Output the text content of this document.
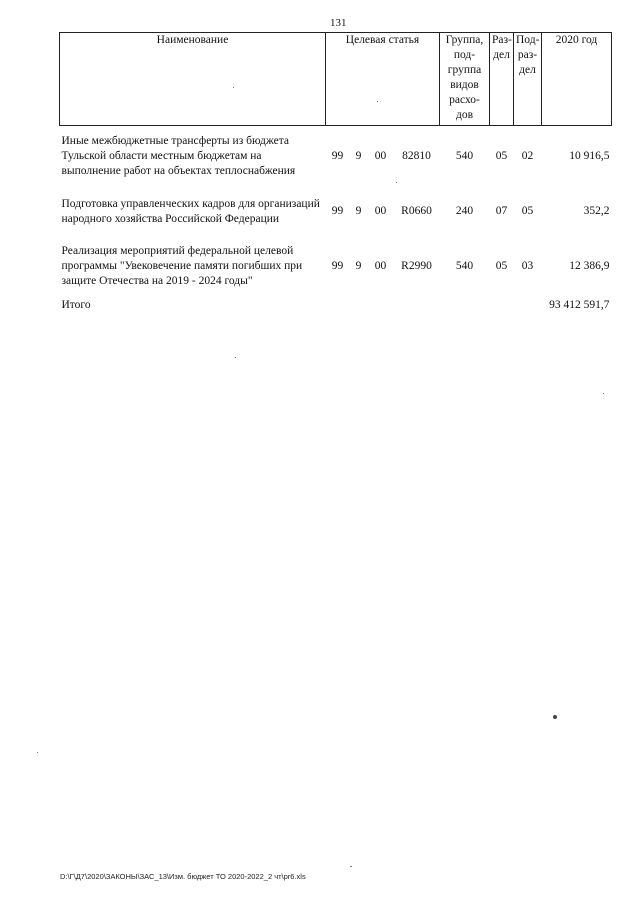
131
Наименование	Целевая статья				Группа, под-группа видов расхо-дов	Раз-дел	Под-раз-дел	2020 год
Иные межбюджетные трансферты из бюджета Тульской области местным бюджетам на выполнение работ на объектах теплоснабжения	99	9	00	82810	540	05	02	10 916,5
Подготовка управленческих кадров для организаций народного хозяйства Российской Федерации	99	9	00	R0660	240	07	05	352,2
Реализация мероприятий федеральной целевой программы "Увековечение памяти погибших при защите Отечества на 2019 - 2024 годы"	99	9	00	R2990	540	05	03	12 386,9
Итого								93 412 591,7
D:\Г\Д7\2020\ЗАКОНЫ\ЗАС_13\Изм. бюджет ТО 2020-2022_2 чт\pr6.xls
